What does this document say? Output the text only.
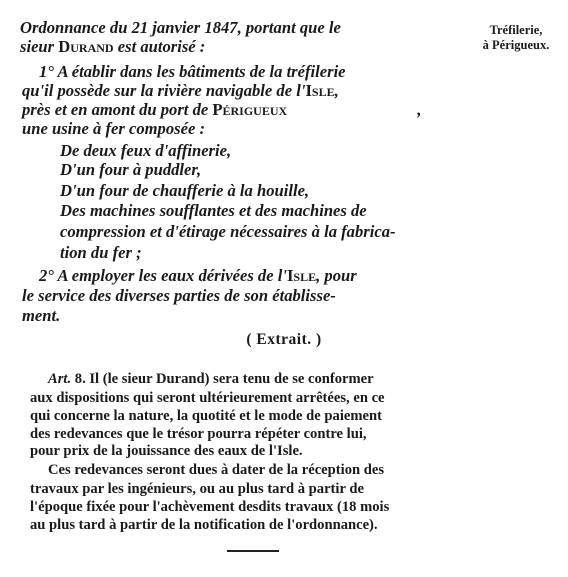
Tréfilerie,
à Périgueux.
Ordonnance du 21 janvier 1847, portant que le
sieur Durand est autorisé :
1° A établir dans les bâtiments de la tréfilerie
qu'il possède sur la rivière navigable de l'Isle,
près et en amont du port de Périgueux	,
une usine à fer composée :
De deux feux d'affinerie,
D'un four à puddler,
D'un four de chaufferie à la houille,
Des machines soufflantes et des machines de
compression et d'étirage nécessaires à la fabrica-
tion du fer ;
2° A employer les eaux dérivées de l'Isle, pour
le service des diverses parties de son établisse-
ment.
( Extrait. )
Art. 8. Il (le sieur Durand) sera tenu de se conformer
aux dispositions qui seront ultérieurement arrêtées, en ce
qui concerne la nature, la quotité et le mode de paiement
des redevances que le trésor pourra répéter contre lui,
pour prix de la jouissance des eaux de l'Isle.
Ces redevances seront dues à dater de la réception des
travaux par les ingénieurs, ou au plus tard à partir de
l'époque fixée pour l'achèvement desdits travaux (18 mois
au plus tard à partir de la notification de l'ordonnance).
